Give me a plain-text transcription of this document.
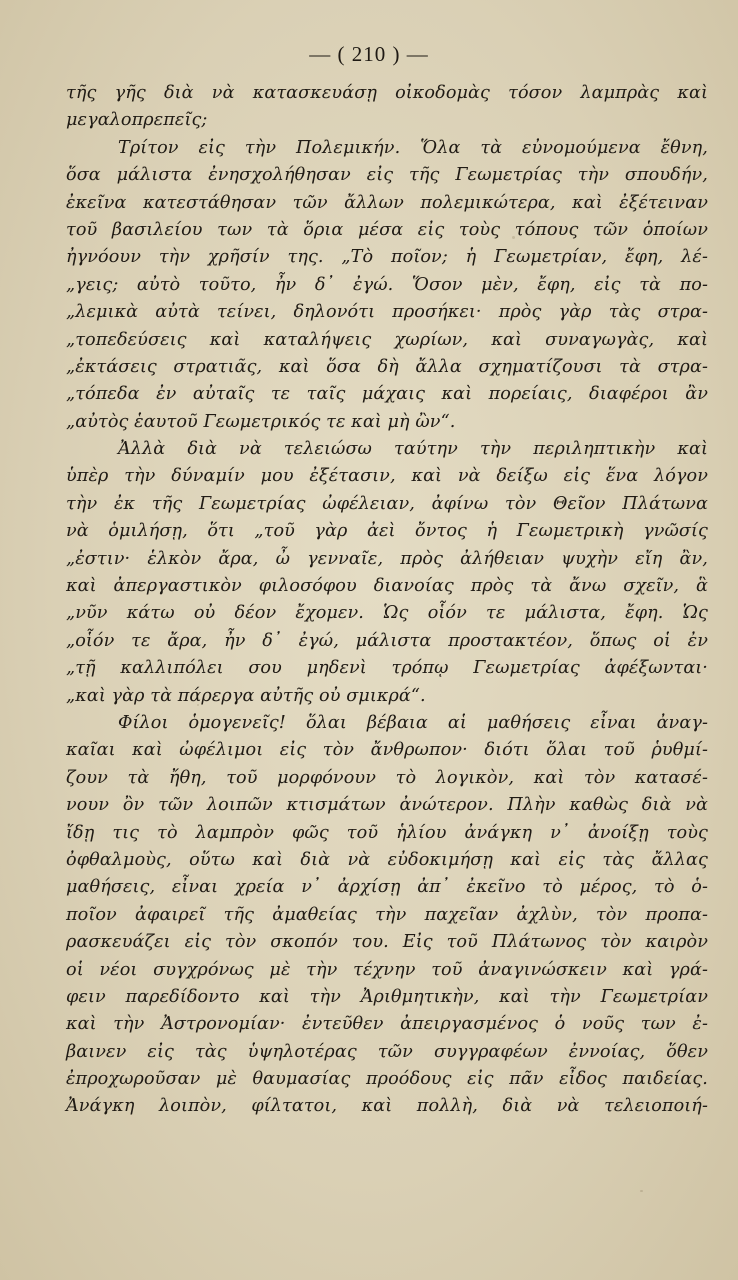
— ( 210 ) —
τῆς γῆς διὰ νὰ κατασκευάσῃ οἰκοδομὰς τόσον λαμπρὰς καὶ
μεγαλοπρεπεῖς;
Τρίτον εἰς τὴν Πολεμικήν. Ὅλα τὰ εὐνομούμενα ἔθνη,
ὅσα μάλιστα ἐνησχολήθησαν εἰς τῆς Γεωμετρίας τὴν σπουδήν,
ἐκεῖνα κατεστάθησαν τῶν ἄλλων πολεμικώτερα, καὶ ἐξέτειναν
τοῦ βασιλείου των τὰ ὅρια μέσα εἰς τοὺς τόπους τῶν ὁποίων
ἠγνόουν τὴν χρῆσίν της. „Τὸ ποῖον; ἡ Γεωμετρίαν, ἔφη, λέ-
„γεις; αὐτὸ τοῦτο, ἦν δ᾽ ἐγώ. Ὅσον μὲν, ἔφη, εἰς τὰ πο-
„λεμικὰ αὐτὰ τείνει, δηλονότι προσήκει· πρὸς γὰρ τὰς στρα-
„τοπεδεύσεις καὶ καταλήψεις χωρίων, καὶ συναγωγὰς, καὶ
„ἐκτάσεις στρατιᾶς, καὶ ὅσα δὴ ἄλλα σχηματίζουσι τὰ στρα-
„τόπεδα ἐν αὐταῖς τε ταῖς μάχαις καὶ πορείαις, διαφέροι ἂν
„αὐτὸς ἑαυτοῦ Γεωμετρικός τε καὶ μὴ ὢν“.
Ἀλλὰ διὰ νὰ τελειώσω ταύτην τὴν περιληπτικὴν καὶ
ὑπὲρ τὴν δύναμίν μου ἐξέτασιν, καὶ νὰ δείξω εἰς ἕνα λόγον
τὴν ἐκ τῆς Γεωμετρίας ὠφέλειαν, ἀφίνω τὸν Θεῖον Πλάτωνα
νὰ ὁμιλήσῃ, ὅτι „τοῦ γὰρ ἀεὶ ὄντος ἡ Γεωμετρικὴ γνῶσίς
„ἐστιν· ἑλκὸν ἄρα, ὦ γενναῖε, πρὸς ἀλήθειαν ψυχὴν εἴη ἂν,
καὶ ἀπεργαστικὸν φιλοσόφου διανοίας πρὸς τὰ ἄνω σχεῖν, ἃ
„νῦν κάτω οὐ δέον ἔχομεν. Ὡς οἷόν τε μάλιστα, ἔφη. Ὡς
„οἷόν τε ἄρα, ἦν δ᾽ ἐγώ, μάλιστα προστακτέον, ὅπως οἱ ἐν
„τῇ καλλιπόλει σου μηδενὶ τρόπῳ Γεωμετρίας ἀφέξωνται·
„καὶ γὰρ τὰ πάρεργα αὐτῆς οὐ σμικρά“.
Φίλοι ὁμογενεῖς! ὅλαι βέβαια αἱ μαθήσεις εἶναι ἀναγ-
καῖαι καὶ ὠφέλιμοι εἰς τὸν ἄνθρωπον· διότι ὅλαι τοῦ ῥυθμί-
ζουν τὰ ἤθη, τοῦ μορφόνουν τὸ λογικὸν, καὶ τὸν κατασέ-
νουν ὂν τῶν λοιπῶν κτισμάτων ἀνώτερον. Πλὴν καθὼς διὰ νὰ
ἴδῃ τις τὸ λαμπρὸν φῶς τοῦ ἡλίου ἀνάγκη ν᾽ ἀνοίξῃ τοὺς
ὀφθαλμοὺς, οὕτω καὶ διὰ νὰ εὐδοκιμήσῃ καὶ εἰς τὰς ἄλλας
μαθήσεις, εἶναι χρεία ν᾽ ἀρχίσῃ ἀπ᾽ ἐκεῖνο τὸ μέρος, τὸ ὁ-
ποῖον ἀφαιρεῖ τῆς ἀμαθείας τὴν παχεῖαν ἀχλὺν, τὸν προπα-
ρασκευάζει εἰς τὸν σκοπόν του. Εἰς τοῦ Πλάτωνος τὸν καιρὸν
οἱ νέοι συγχρόνως μὲ τὴν τέχνην τοῦ ἀναγινώσκειν καὶ γρά-
φειν παρεδίδοντο καὶ τὴν Ἀριθμητικὴν, καὶ τὴν Γεωμετρίαν
καὶ τὴν Ἀστρονομίαν· ἐντεῦθεν ἀπειργασμένος ὁ νοῦς των ἐ-
βαινεν εἰς τὰς ὑψηλοτέρας τῶν συγγραφέων ἐννοίας, ὅθεν
ἐπροχωροῦσαν μὲ θαυμασίας προόδους εἰς πᾶν εἶδος παιδείας.
Ἀνάγκη λοιπὸν, φίλτατοι, καὶ πολλὴ, διὰ νὰ τελειοποιή-
